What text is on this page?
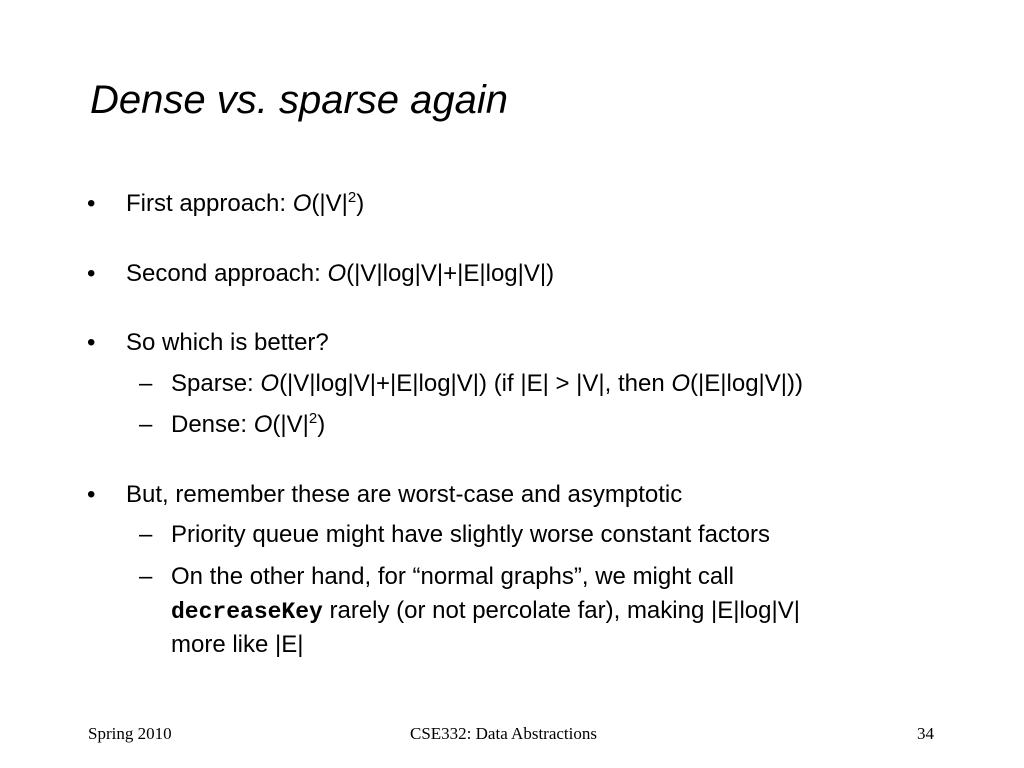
Dense vs. sparse again
• First approach: $O(|V|^2)$
• Second approach: O(|V|log|V|+|E|log|V|)
• So which is better?
– Sparse: O(|V|log|V|+|E|log|V|) (if |E| > |V|, then O(|E|log|V|))
– Dense: $O(|V|^2)$
• But, remember these are worst-case and asymptotic
– Priority queue might have slightly worse constant factors
– On the other hand, for “normal graphs”, we might call
decreaseKey rarely (or not percolate far), making |E|log|V|
more like |E|
Spring 2010	CSE332: Data Abstractions	34
